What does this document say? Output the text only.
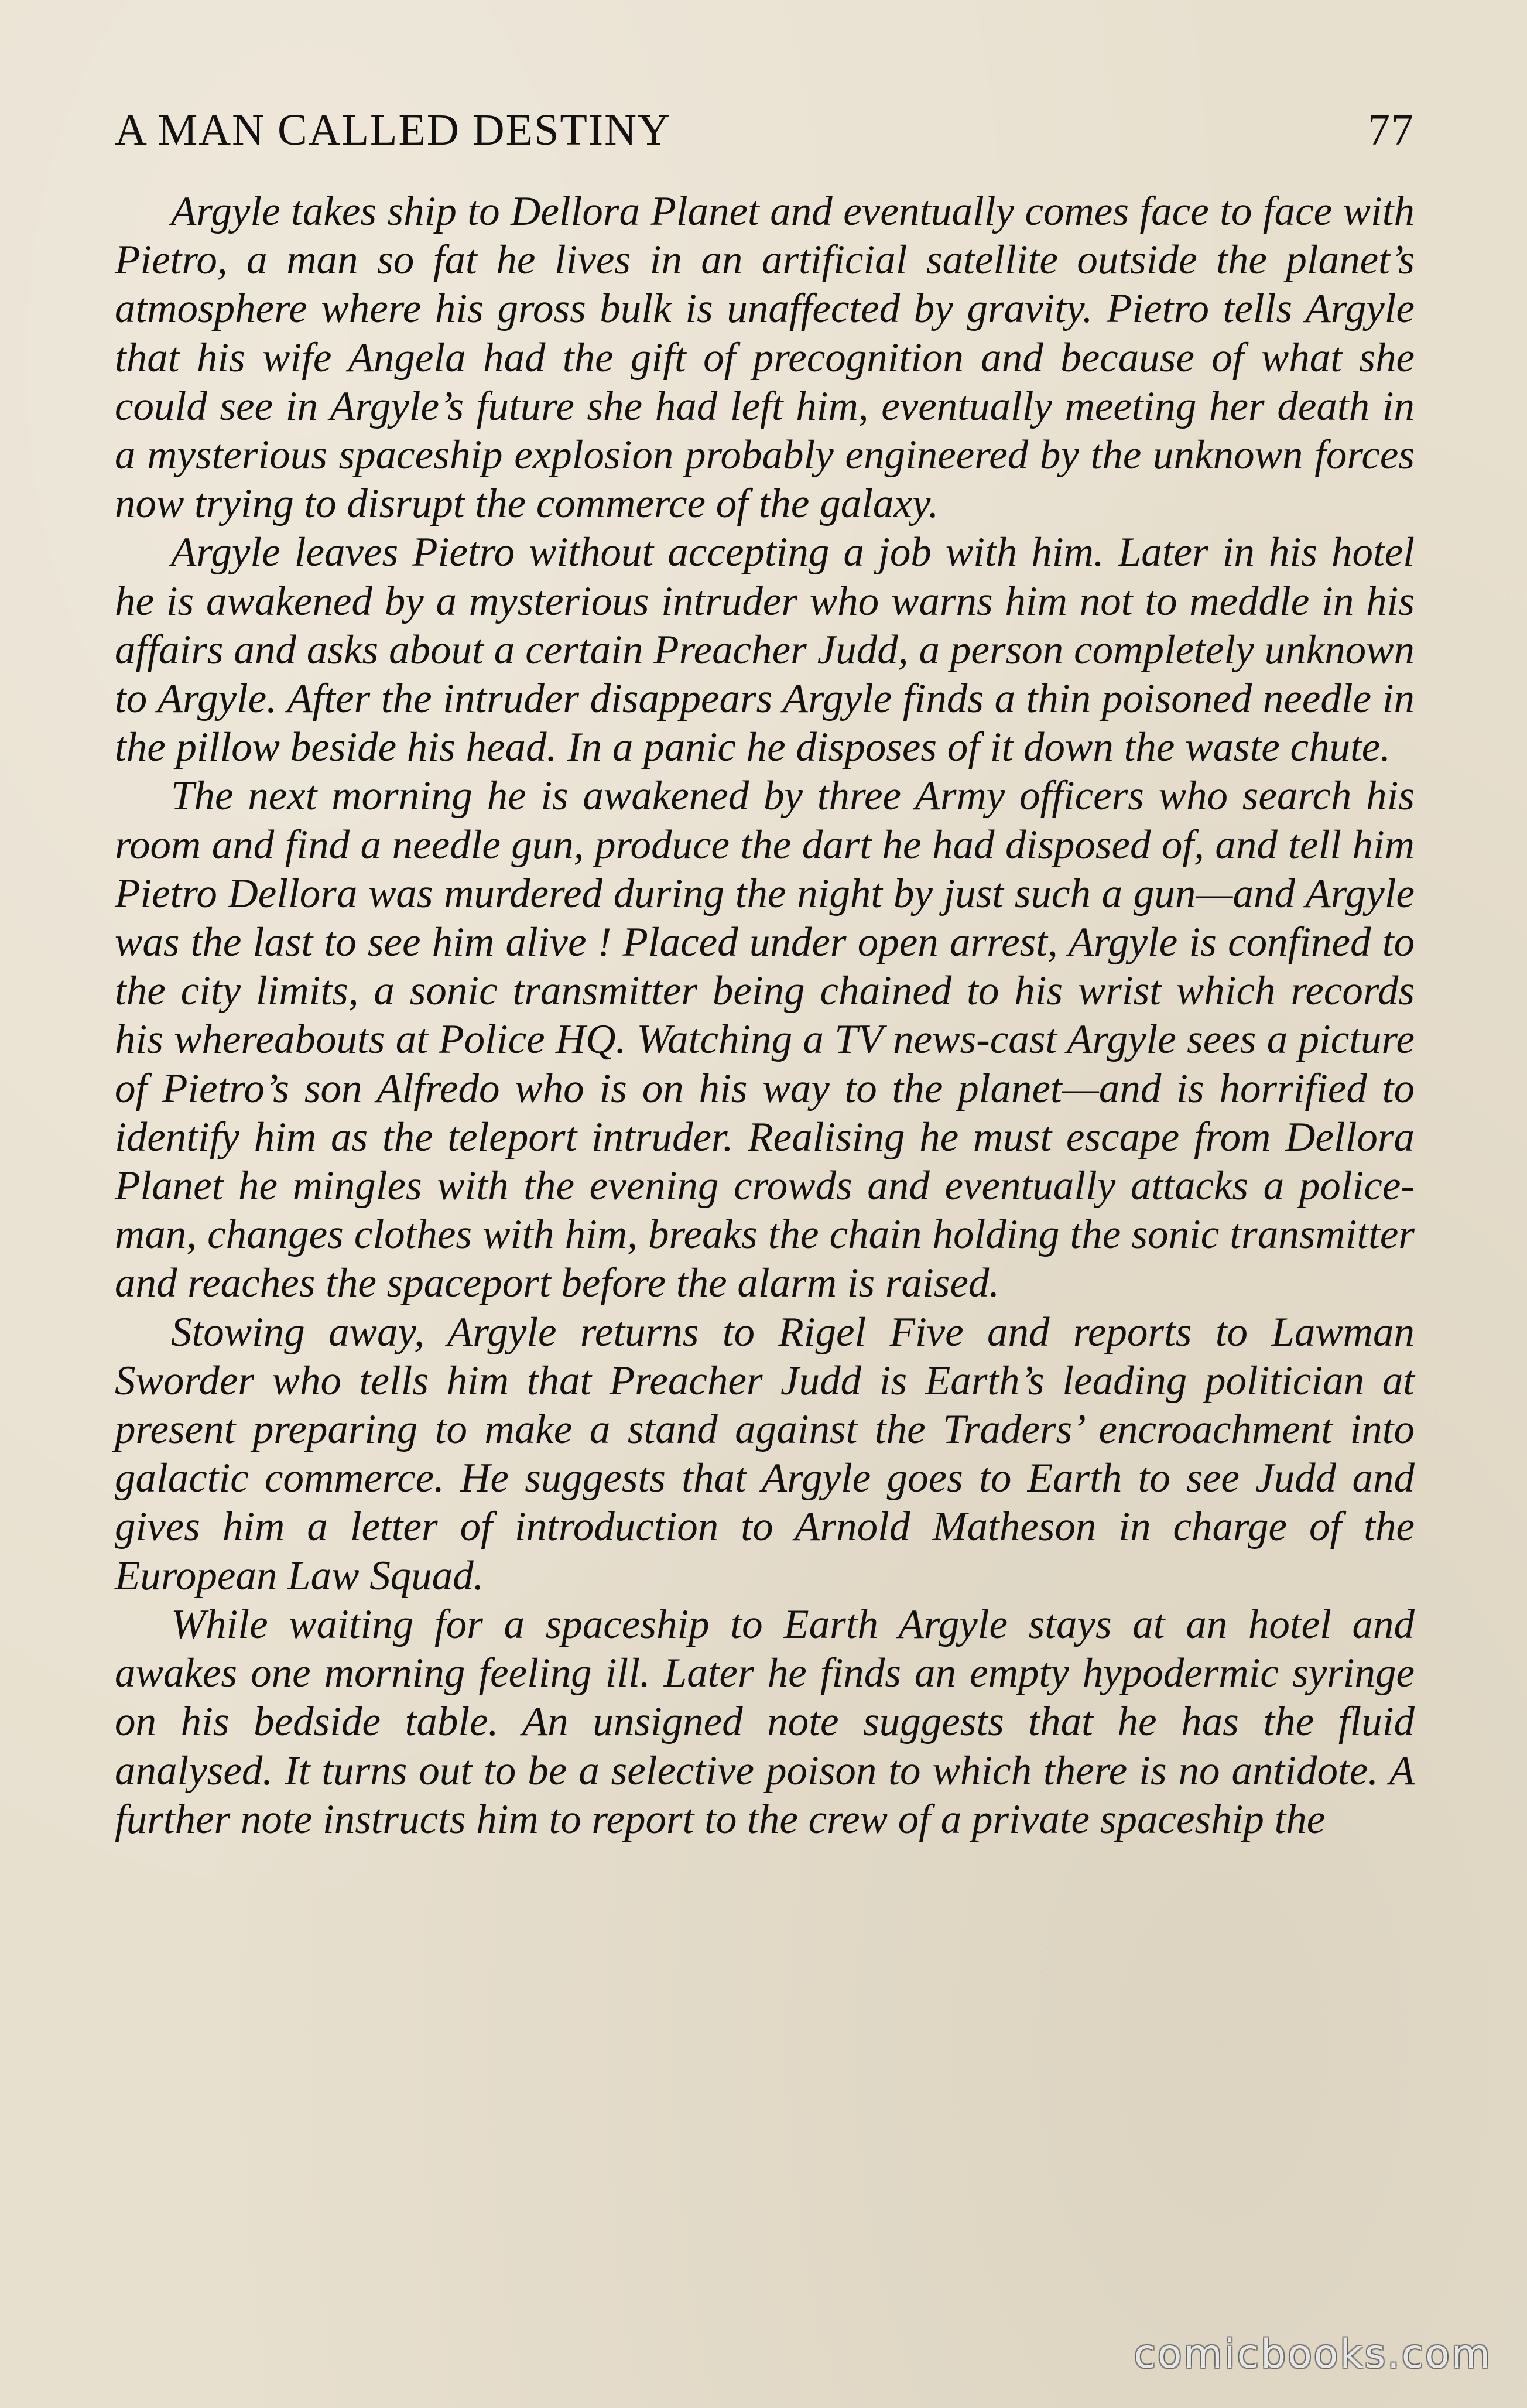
A MAN CALLED DESTINY	77

Argyle takes ship to Dellora Planet and eventually comes face to face with Pietro, a man so fat he lives in an artificial satellite outside the planet’s atmosphere where his gross bulk is unaffected by gravity. Pietro tells Argyle that his wife Angela had the gift of precognition and because of what she could see in Argyle’s future she had left him, eventually meeting her death in a mysterious spaceship explosion probably engineered by the unknown forces now trying to disrupt the commerce of the galaxy.

Argyle leaves Pietro without accepting a job with him. Later in his hotel he is awakened by a mysterious intruder who warns him not to meddle in his affairs and asks about a certain Preacher Judd, a person completely unknown to Argyle. After the intruder disappears Argyle finds a thin poisoned needle in the pillow beside his head. In a panic he disposes of it down the waste chute.

The next morning he is awakened by three Army officers who search his room and find a needle gun, produce the dart he had disposed of, and tell him Pietro Dellora was murdered during the night by just such a gun—and Argyle was the last to see him alive ! Placed under open arrest, Argyle is confined to the city limits, a sonic transmitter being chained to his wrist which records his whereabouts at Police HQ. Watching a TV news-cast Argyle sees a picture of Pietro’s son Alfredo who is on his way to the planet—and is horrified to identify him as the teleport intruder. Realising he must escape from Dellora Planet he mingles with the evening crowds and eventually attacks a police-man, changes clothes with him, breaks the chain holding the sonic transmitter and reaches the spaceport before the alarm is raised.

Stowing away, Argyle returns to Rigel Five and reports to Lawman Sworder who tells him that Preacher Judd is Earth’s leading politician at present preparing to make a stand against the Traders’ encroachment into galactic commerce. He suggests that Argyle goes to Earth to see Judd and gives him a letter of introduction to Arnold Matheson in charge of the European Law Squad.

While waiting for a spaceship to Earth Argyle stays at an hotel and awakes one morning feeling ill. Later he finds an empty hypodermic syringe on his bedside table. An unsigned note suggests that he has the fluid analysed. It turns out to be a selective poison to which there is no antidote. A further note instructs him to report to the crew of a private spaceship the

comicbooks.com
